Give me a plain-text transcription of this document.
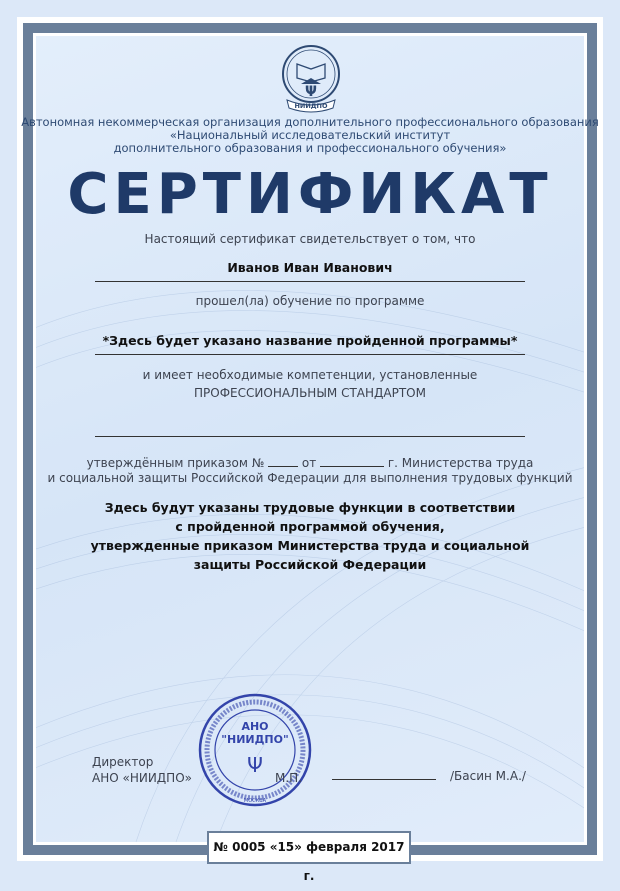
Ψ
НИИДПО
Автономная некоммерческая организация дополнительного профессионального образования
«Национальный исследовательский институт
дополнительного образования и профессионального обучения»
СЕРТИФИКАТ
Настоящий сертификат свидетельствует о том, что
Иванов Иван Иванович
прошел(ла) обучение по программе
*Здесь будет указано название пройденной программы*
и имеет необходимые компетенции, установленные
ПРОФЕССИОНАЛЬНЫМ СТАНДАРТОМ
утверждённым приказом №	от	г. Министерства труда
и социальной защиты Российской Федерации для выполнения трудовых функций
Здесь будут указаны трудовые функции в соответствии
с пройденной программой обучения,
утвержденные приказом Министерства труда и социальной
защиты Российской Федерации
АНО
"НИИДПО"
Ψ
МОСКВА
Директор
АНО «НИИДПО»	М.П.	/Басин М.А./
№ 0005 «15» февраля 2017 г.
